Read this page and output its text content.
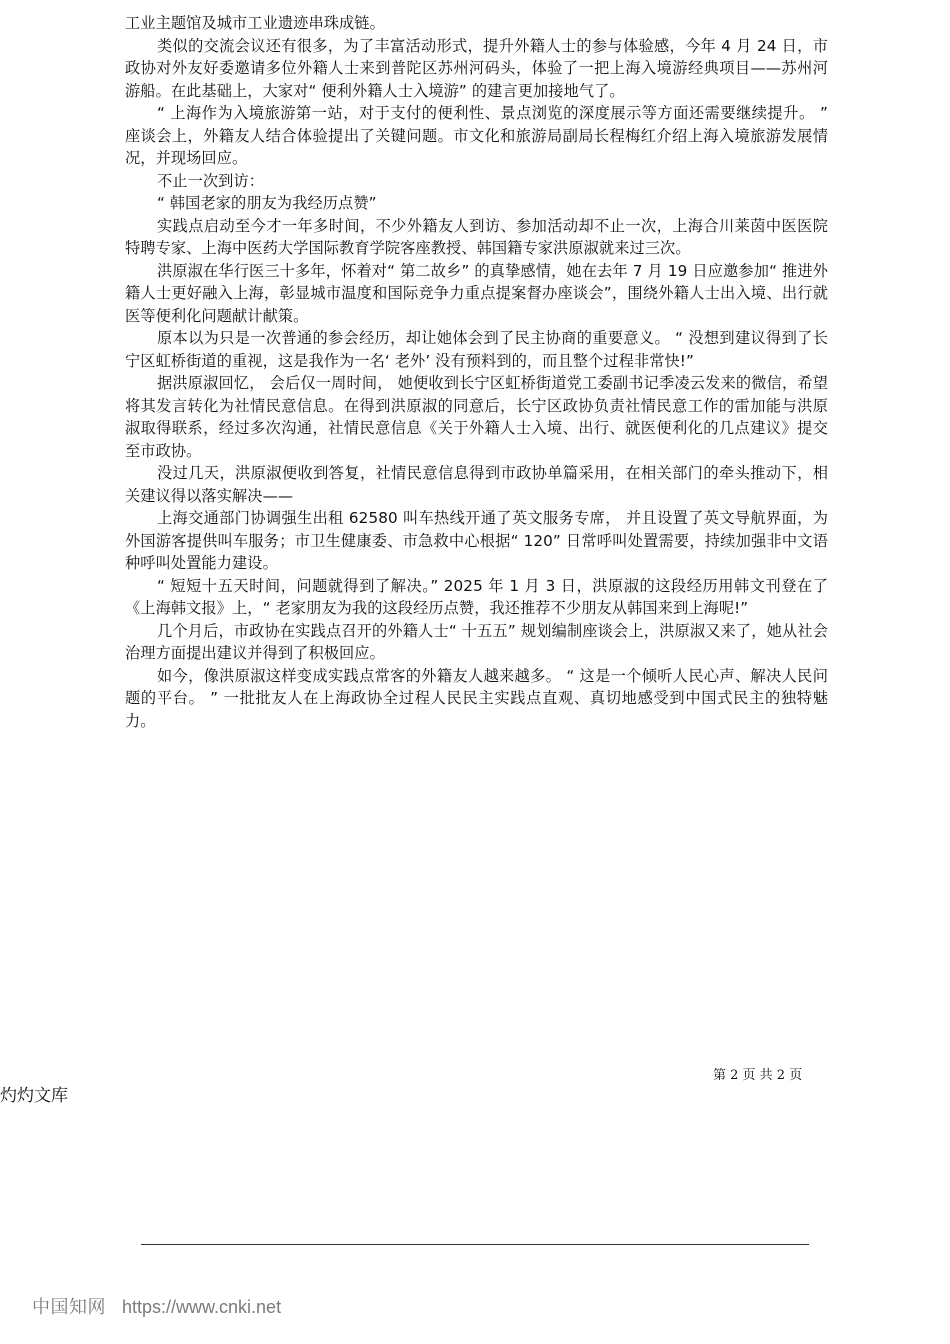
工业主题馆及城市工业遗迹串珠成链。

类似的交流会议还有很多，为了丰富活动形式，提升外籍人士的参与体验感，今年 4 月 24 日，市政协对外友好委邀请多位外籍人士来到普陀区苏州河码头，体验了一把上海入境游经典项目——苏州河游船。在此基础上，大家对“ 便利外籍人士入境游” 的建言更加接地气了。

“ 上海作为入境旅游第一站，对于支付的便利性、景点浏览的深度展示等方面还需要继续提升。 ” 座谈会上，外籍友人结合体验提出了关键问题。市文化和旅游局副局长程梅红介绍上海入境旅游发展情况，并现场回应。

不止一次到访：

“ 韩国老家的朋友为我经历点赞”

实践点启动至今才一年多时间，不少外籍友人到访、参加活动却不止一次，上海合川莱茵中医医院特聘专家、上海中医药大学国际教育学院客座教授、韩国籍专家洪原淑就来过三次。

洪原淑在华行医三十多年，怀着对“ 第二故乡” 的真挚感情，她在去年 7 月 19 日应邀参加“ 推进外籍人士更好融入上海，彰显城市温度和国际竞争力重点提案督办座谈会”，围绕外籍人士出入境、出行就医等便利化问题献计献策。

原本以为只是一次普通的参会经历，却让她体会到了民主协商的重要意义。 “ 没想到建议得到了长宁区虹桥街道的重视，这是我作为一名‘ 老外’ 没有预料到的，而且整个过程非常快!”

据洪原淑回忆， 会后仅一周时间， 她便收到长宁区虹桥街道党工委副书记季凌云发来的微信，希望将其发言转化为社情民意信息。在得到洪原淑的同意后，长宁区政协负责社情民意工作的雷加能与洪原淑取得联系，经过多次沟通，社情民意信息《关于外籍人士入境、出行、就医便利化的几点建议》提交至市政协。

没过几天，洪原淑便收到答复，社情民意信息得到市政协单篇采用，在相关部门的牵头推动下，相关建议得以落实解决——

上海交通部门协调强生出租 62580 叫车热线开通了英文服务专席， 并且设置了英文导航界面，为外国游客提供叫车服务；市卫生健康委、市急救中心根据“ 120” 日常呼叫处置需要，持续加强非中文语种呼叫处置能力建设。

“ 短短十五天时间，问题就得到了解决。” 2025 年 1 月 3 日，洪原淑的这段经历用韩文刊登在了《上海韩文报》上，“ 老家朋友为我的这段经历点赞，我还推荐不少朋友从韩国来到上海呢!”

几个月后，市政协在实践点召开的外籍人士“ 十五五” 规划编制座谈会上，洪原淑又来了，她从社会治理方面提出建议并得到了积极回应。

如今，像洪原淑这样变成实践点常客的外籍友人越来越多。 “ 这是一个倾听人民心声、解决人民问题的平台。 ” 一批批友人在上海政协全过程人民民主实践点直观、真切地感受到中国式民主的独特魅力。

第 2 页 共 2 页
灼灼文库
中国知网 https://www.cnki.net
